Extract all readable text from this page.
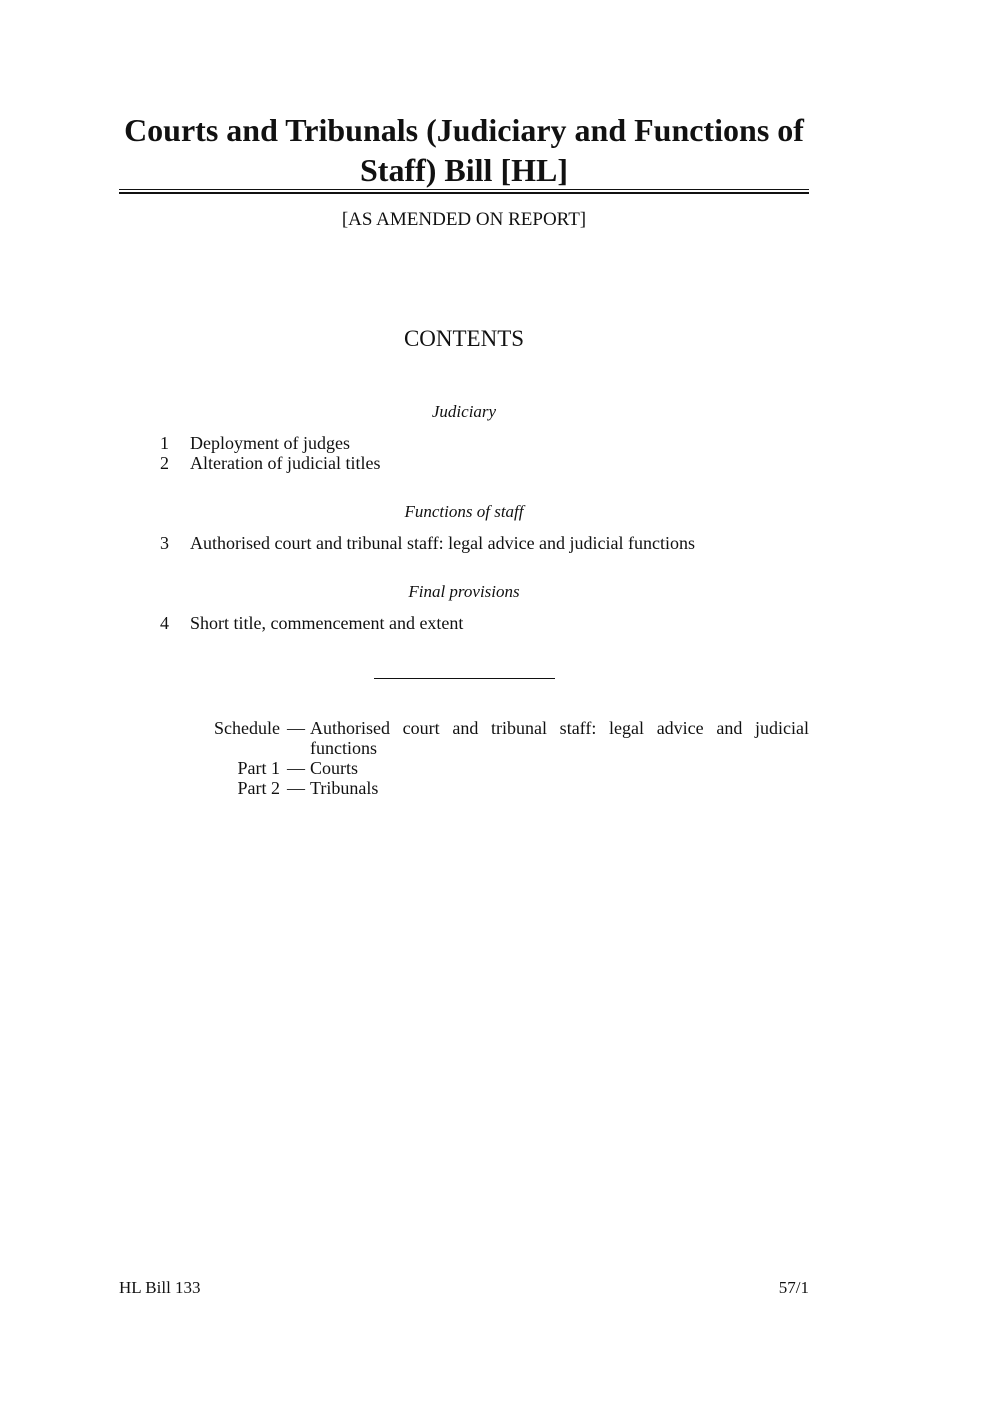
Courts and Tribunals (Judiciary and Functions of Staff) Bill [HL]
[AS AMENDED ON REPORT]
CONTENTS
Judiciary
1 Deployment of judges
2 Alteration of judicial titles
Functions of staff
3 Authorised court and tribunal staff: legal advice and judicial functions
Final provisions
4 Short title, commencement and extent
Schedule — Authorised court and tribunal staff: legal advice and judicial
functions
Part 1 — Courts
Part 2 — Tribunals
HL Bill 133	57/1
